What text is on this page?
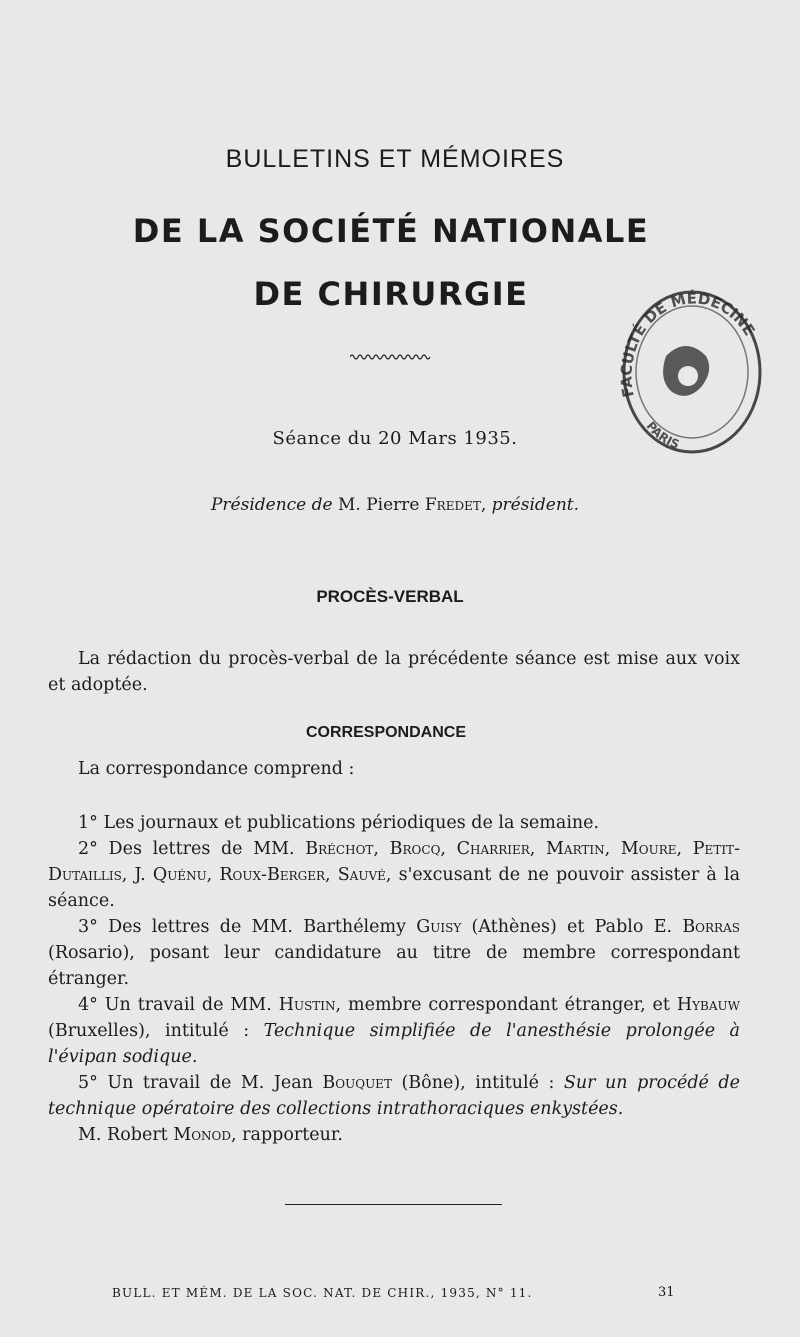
BULLETINS ET MÉMOIRES
DE LA SOCIÉTÉ NATIONALE
DE CHIRURGIE
FACULTÉ DE MÉDECINE
PARIS
Séance du 20 Mars 1935.
Présidence de M. Pierre Fredet, président.
PROCÈS-VERBAL
CORRESPONDANCE

La rédaction du procès-verbal de la précédente séance est mise aux voix et adoptée.

La correspondance comprend :

1° Les journaux et publications périodiques de la semaine.

2° Des lettres de MM. Bréchot, Brocq, Charrier, Martin, Moure, Petit-Dutaillis, J. Quénu, Roux-Berger, Sauvé, s'excusant de ne pouvoir assister à la séance.

3° Des lettres de MM. Barthélemy Guisy (Athènes) et Pablo E. Borras (Rosario), posant leur candidature au titre de membre correspondant étranger.

4° Un travail de MM. Hustin, membre correspondant étranger, et Hybauw (Bruxelles), intitulé : Technique simplifiée de l'anesthésie prolongée à l'évipan sodique.

5° Un travail de M. Jean Bouquet (Bône), intitulé : Sur un procédé de technique opératoire des collections intrathoraciques enkystées.

M. Robert Monod, rapporteur.

BULL. ET MÉM. DE LA SOC. NAT. DE CHIR., 1935, N° 11.	31
